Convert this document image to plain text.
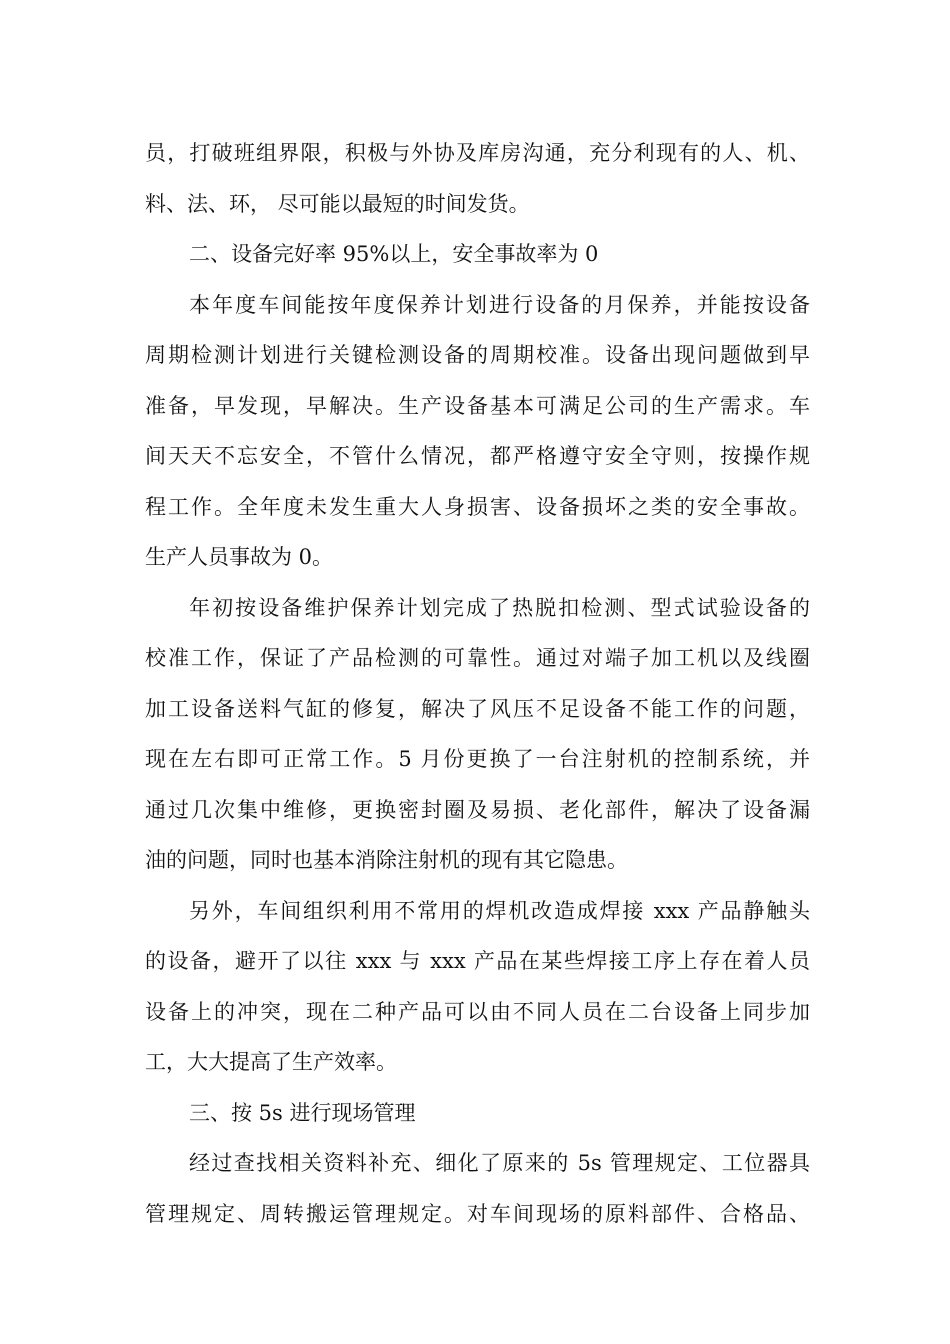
员，打破班组界限，积极与外协及库房沟通，充分利现有的人、机、
料、法、环， 尽可能以最短的时间发货。
二、设备完好率 95%以上，安全事故率为 0
本年度车间能按年度保养计划进行设备的月保养，并能按设备
周期检测计划进行关键检测设备的周期校准。设备出现问题做到早
准备，早发现，早解决。生产设备基本可满足公司的生产需求。车
间天天不忘安全，不管什么情况，都严格遵守安全守则，按操作规
程工作。全年度未发生重大人身损害、设备损坏之类的安全事故。
生产人员事故为 0。
年初按设备维护保养计划完成了热脱扣检测、型式试验设备的
校准工作，保证了产品检测的可靠性。通过对端子加工机以及线圈
加工设备送料气缸的修复，解决了风压不足设备不能工作的问题，
现在左右即可正常工作。5 月份更换了一台注射机的控制系统，并
通过几次集中维修，更换密封圈及易损、老化部件，解决了设备漏
油的问题，同时也基本消除注射机的现有其它隐患。
另外，车间组织利用不常用的焊机改造成焊接 xxx 产品静触头
的设备，避开了以往 xxx 与 xxx 产品在某些焊接工序上存在着人员
设备上的冲突，现在二种产品可以由不同人员在二台设备上同步加
工，大大提高了生产效率。
三、按 5s 进行现场管理
经过查找相关资料补充、细化了原来的 5s 管理规定、工位器具
管理规定、周转搬运管理规定。对车间现场的原料部件、合格品、
